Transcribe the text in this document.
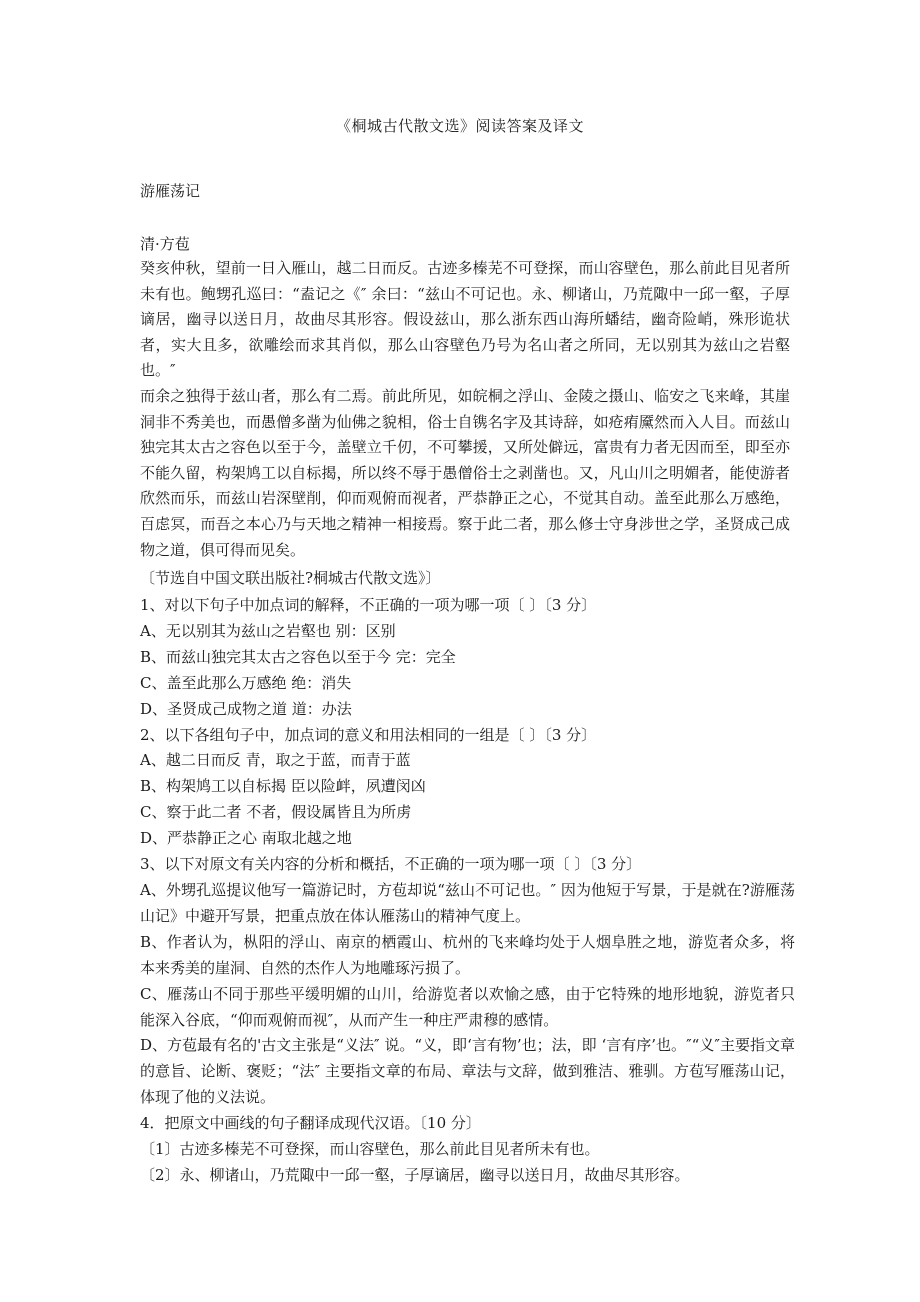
《桐城古代散文选》阅读答案及译文
游雁荡记
清·方苞

癸亥仲秋，望前一日入雁山，越二日而反。古迹多榛芜不可登探，而山容壁色，那么前此目见者所未有也。鲍甥孔巡曰：“盍记之《″ 余曰：“兹山不可记也。永、柳诸山，乃荒陬中一邱一壑，子厚谪居，幽寻以送日月，故曲尽其形容。假设兹山，那么浙东西山海所蟠结，幽奇险峭，殊形诡状者，实大且多，欲雕绘而求其肖似，那么山容壁色乃号为名山者之所同，无以别其为兹山之岩壑也。″

而余之独得于兹山者，那么有二焉。前此所见，如皖桐之浮山、金陵之摄山、临安之飞来峰，其崖洞非不秀美也，而愚僧多凿为仙佛之貌相，俗士自镌名字及其诗辞，如疮痏黡然而入人目。而兹山独完其太古之容色以至于今，盖壁立千仞，不可攀援，又所处僻远，富贵有力者无因而至，即至亦不能久留，构架鸠工以自标揭，所以终不辱于愚僧俗士之剥凿也。又，凡山川之明媚者，能使游者欣然而乐，而兹山岩深壁削，仰而观俯而视者，严恭静正之心，不觉其自动。盖至此那么万感绝，百虑冥，而吾之本心乃与天地之精神一相接焉。察于此二者，那么修士守身涉世之学，圣贤成己成物之道，俱可得而见矣。

〔节选自中国文联出版社?桐城古代散文选》〕

1、对以下句子中加点词的解释，不正确的一项为哪一项〔 〕〔3 分〕

A、无以别其为兹山之岩壑也 别：区别

B、而兹山独完其太古之容色以至于今 完：完全

C、盖至此那么万感绝 绝：消失

D、圣贤成己成物之道 道：办法

2、以下各组句子中，加点词的意义和用法相同的一组是〔 〕〔3 分〕

A、越二日而反 青，取之于蓝，而青于蓝

B、构架鸠工以自标揭 臣以险衅，夙遭闵凶

C、察于此二者 不者，假设属皆且为所虏

D、严恭静正之心 南取北越之地

3、以下对原文有关内容的分析和概括，不正确的一项为哪一项〔 〕〔3 分〕

A、外甥孔巡提议他写一篇游记时，方苞却说“兹山不可记也。″ 因为他短于写景，于是就在?游雁荡山记》中避开写景，把重点放在体认雁荡山的精神气度上。

B、作者认为，枞阳的浮山、南京的栖霞山、杭州的飞来峰均处于人烟阜胜之地，游览者众多，将本来秀美的崖洞、自然的杰作人为地雕琢污损了。

C、雁荡山不同于那些平缓明媚的山川，给游览者以欢愉之感，由于它特殊的地形地貌，游览者只能深入谷底，“仰而观俯而视″，从而产生一种庄严肃穆的感情。

D、方苞最有名的'古文主张是“义法″ 说。“义，即‘言有物’也；法，即 ‘言有序’也。″“义″主要指文章的意旨、论断、褒贬；“法″ 主要指文章的布局、章法与文辞，做到雅洁、雅驯。方苞写雁荡山记，体现了他的义法说。

4．把原文中画线的句子翻译成现代汉语。〔10 分〕

〔1〕古迹多榛芜不可登探，而山容壁色，那么前此目见者所未有也。

〔2〕永、柳诸山，乃荒陬中一邱一壑，子厚谪居，幽寻以送日月，故曲尽其形容。
